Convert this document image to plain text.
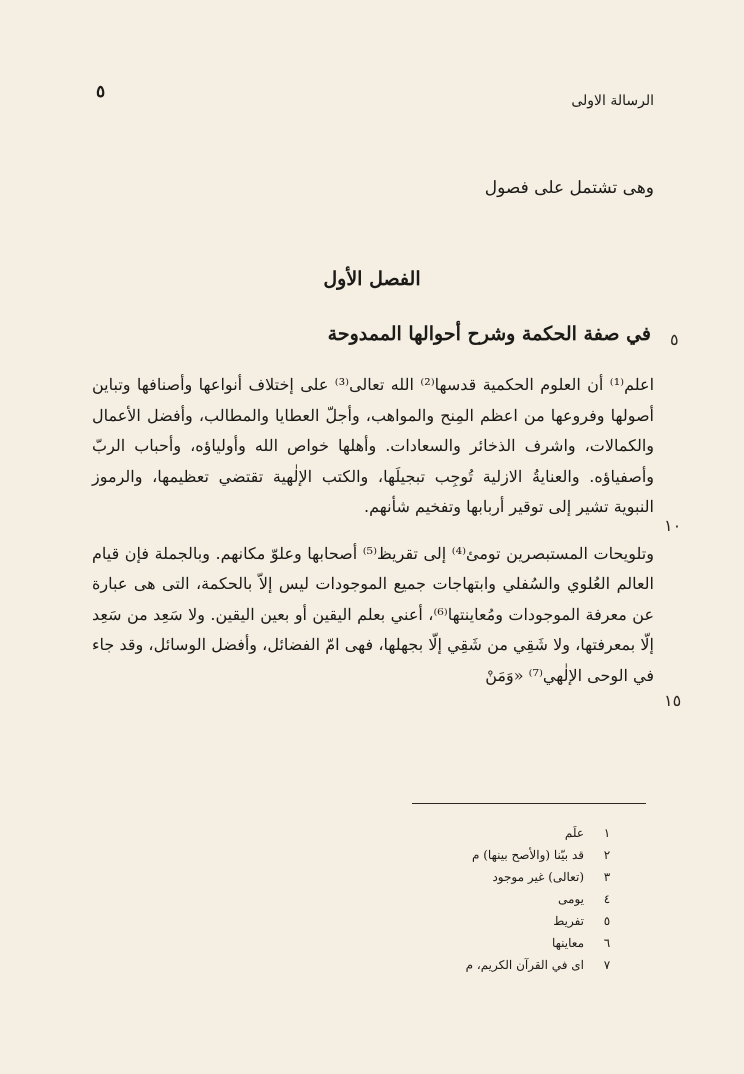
الرسالة الاولى
٥
وهى تشتمل على فصول
الفصل الأول
٥
في صفة الحكمة وشرح أحوالها الممدوحة

اعلم⁽¹⁾ أن العلوم الحكمية قدسها⁽²⁾ الله تعالى⁽³⁾ على إختلاف أنواعها وأصنافها وتباين أصولها وفروعها من اعظم المِنح والمواهب، وأجلّ العطايا والمطالب، وأفضل الأعمال والكمالات، واشرف الذخائر والسعادات. وأهلها خواص الله وأولياؤه، وأحباب الربّ وأصفياؤه. والعنايةُ الازلية تُوجِب تبجيلَها، والكتب الإلٰهية تقتضي تعظيمها، والرموز النبوية تشير إلى توقير أربابها وتفخيم شأنهم.

وتلويحات المستبصرين تومئ⁽⁴⁾ إلى تقريظ⁽⁵⁾ أصحابها وعلوّ مكانهم. وبالجملة فإن قيام العالم العُلوي والسُفلي وابتهاجات جميع الموجودات ليس إلاّ بالحكمة، التى هى عبارة عن معرفة الموجودات ومُعاينتها⁽⁶⁾، أعني بعلم اليقين أو بعين اليقين. ولا سَعِد من سَعِد إلّا بمعرفتها، ولا شَقِي من شَقِي إلّا بجهلها، فهى امّ الفضائل، وأفضل الوسائل، وقد جاء في الوحى الإلٰهي⁽⁷⁾ «وَمَنْ

١٠
١٥
١
علَم
٢
قد بيّنا (والأصح بينها) م
٣
(تعالى) غير موجود
٤
يومى
٥
تفريط
٦
معاينها
٧
اى في القرآن الكريم، م
